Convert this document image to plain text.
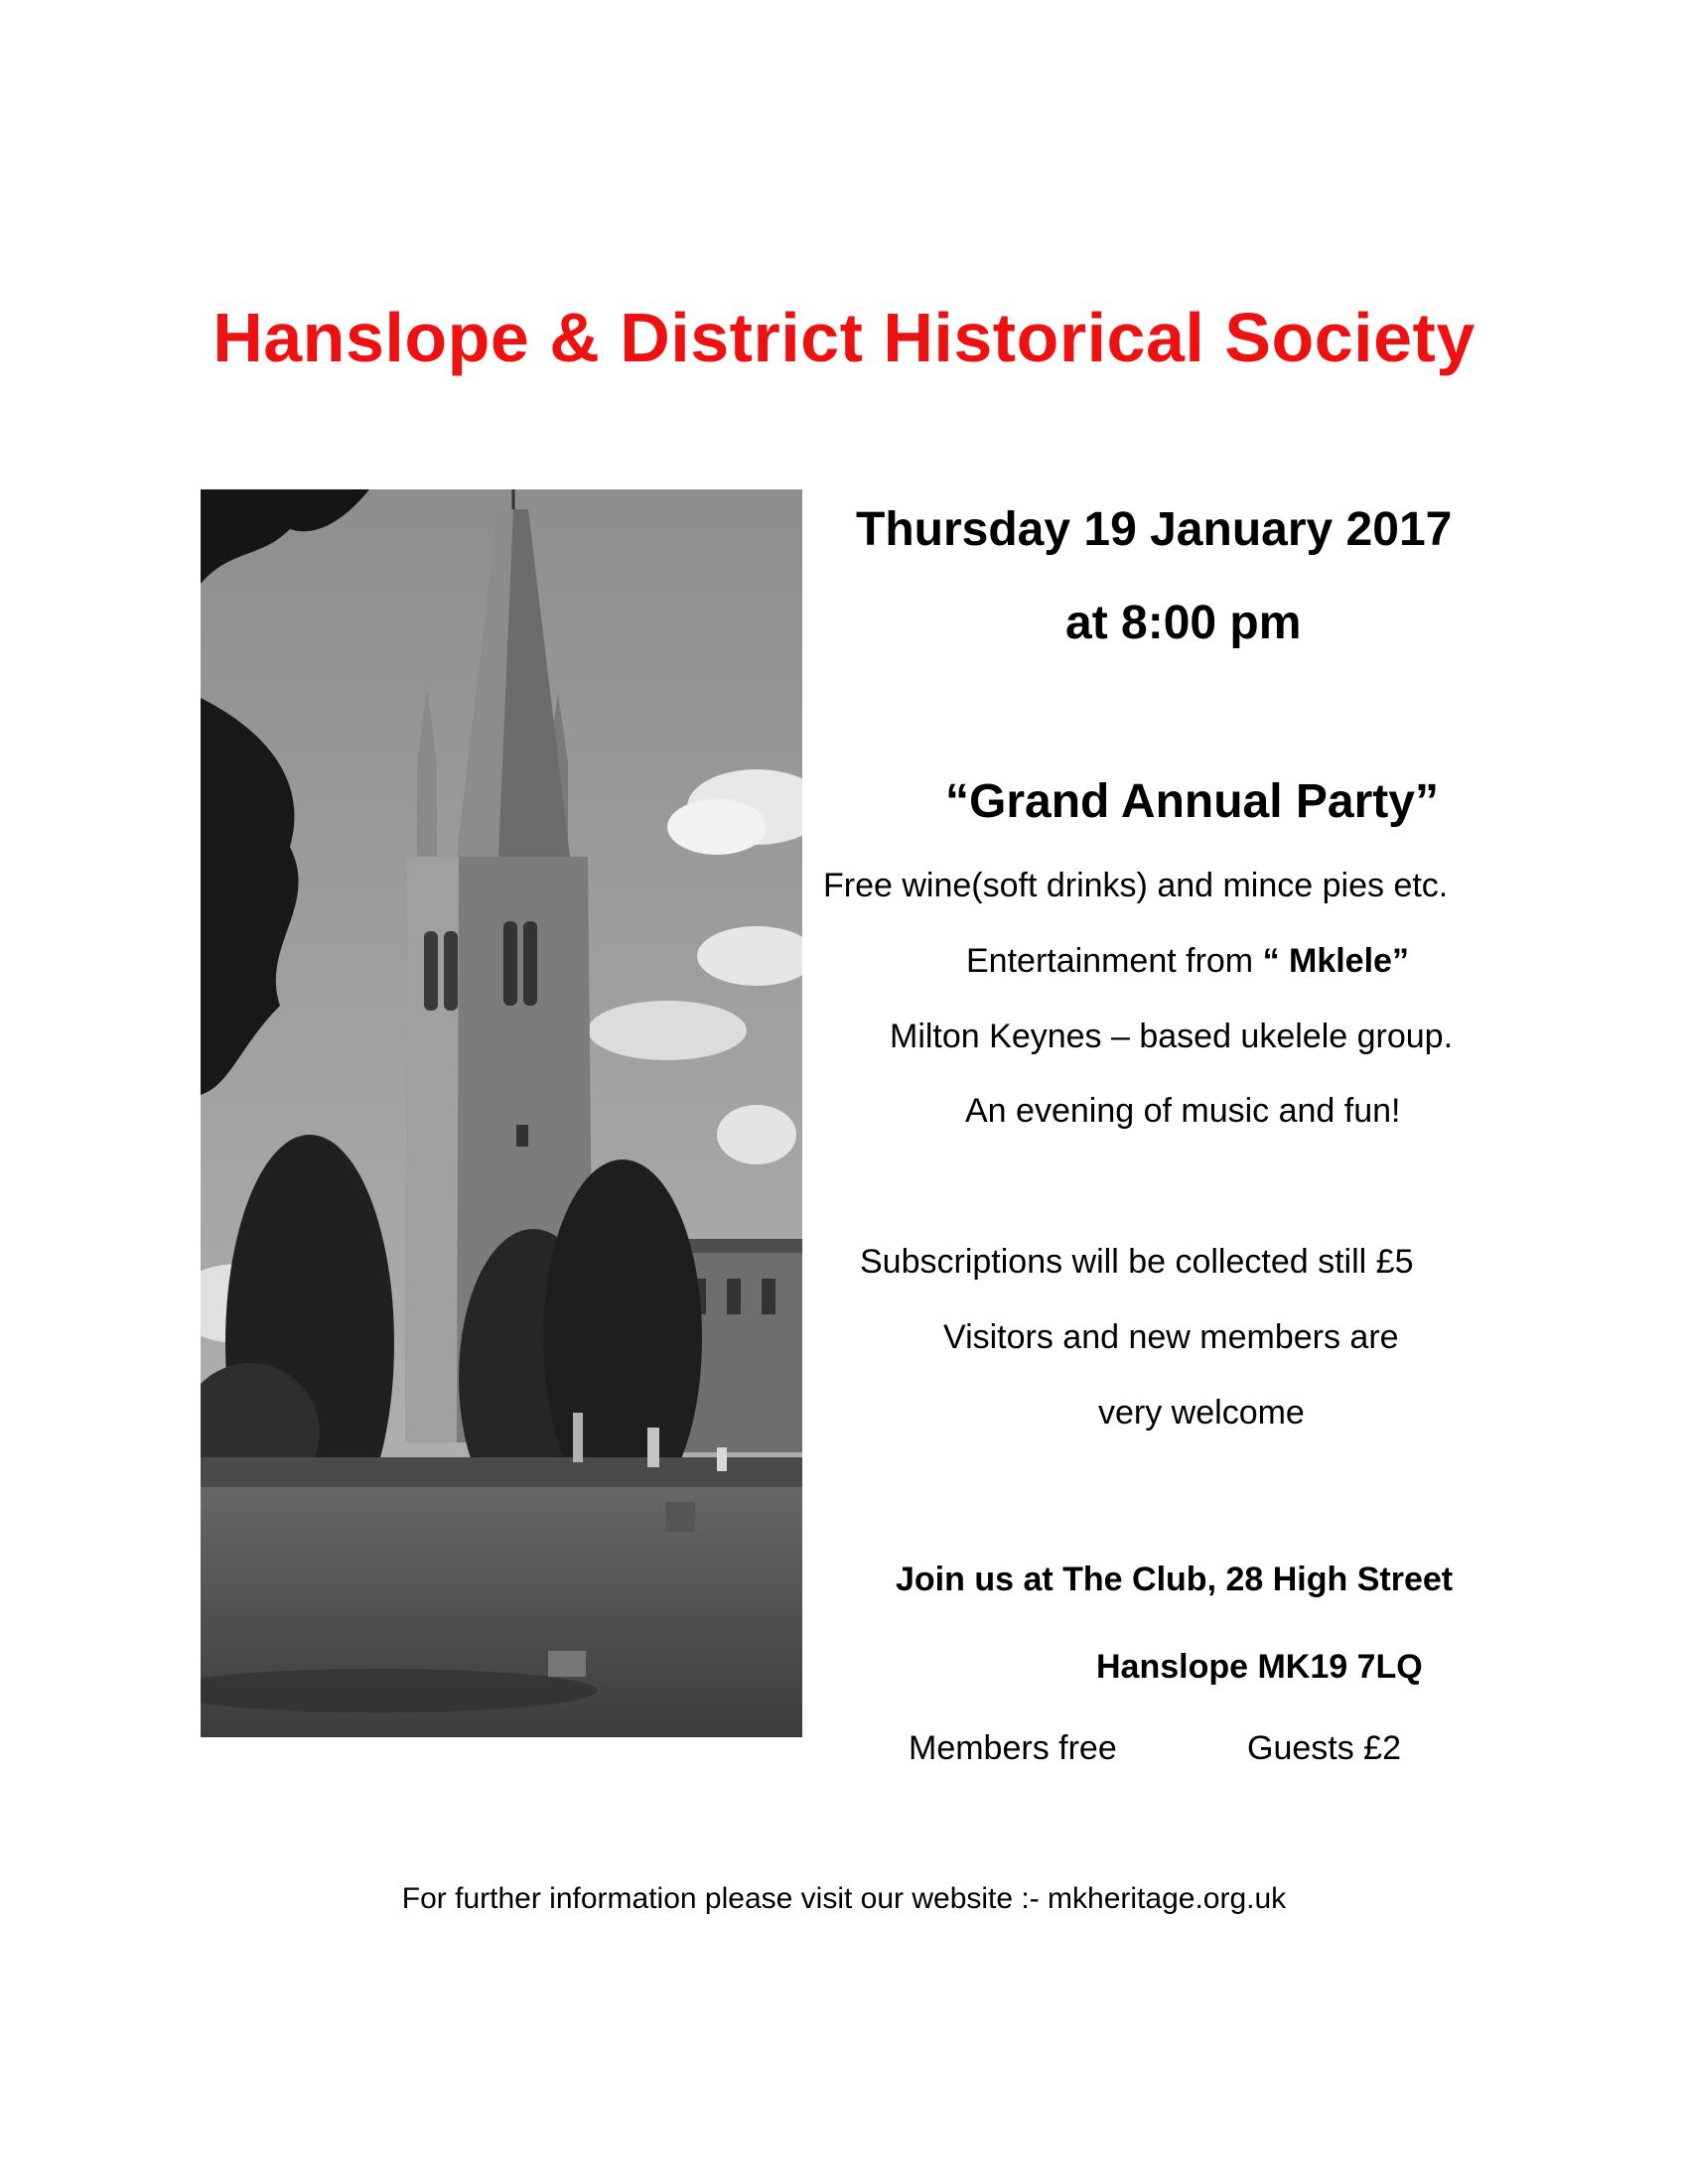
Hanslope & District Historical Society

Thursday 19 January 2017

at 8:00 pm

“Grand Annual Party”

Free wine(soft drinks) and mince pies etc.

Entertainment from “ Mklele”

Milton Keynes – based ukelele group.

An evening of music and fun!

Subscriptions will be collected still £5

Visitors and new members are

very welcome

Join us at The Club, 28 High Street

Hanslope MK19 7LQ

Members free	Guests £2

For further information please visit our website :- mkheritage.org.uk
